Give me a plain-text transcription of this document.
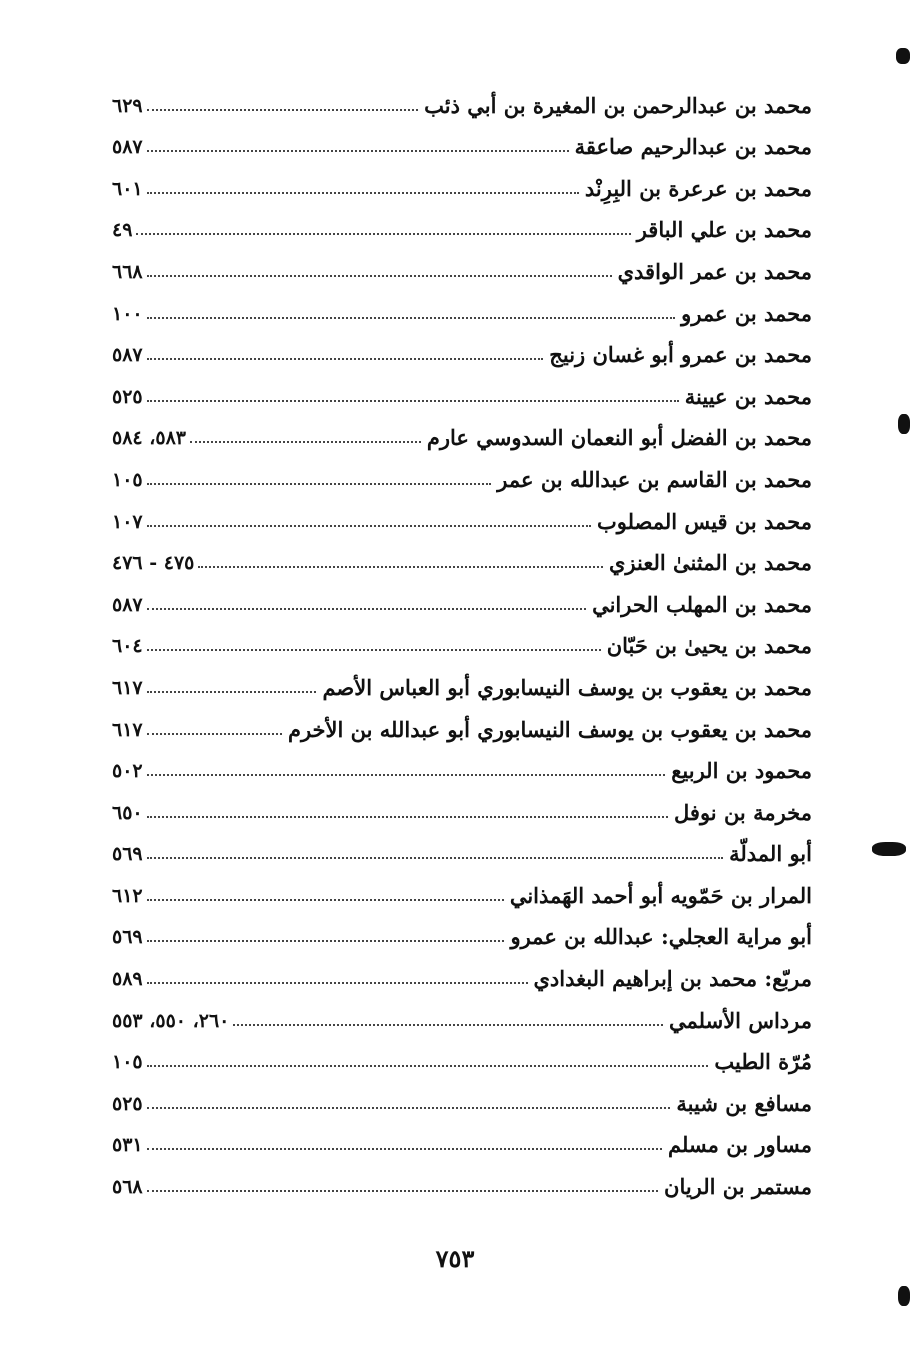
محمد بن عبدالرحمن بن المغيرة بن أبي ذئب
٦٢٩
محمد بن عبدالرحيم صاعقة
٥٨٧
محمد بن عرعرة بن البِرِنْد
٦٠١
محمد بن علي الباقر
٤٩
محمد بن عمر الواقدي
٦٦٨
محمد بن عمرو
١٠٠
محمد بن عمرو أبو غسان زنيج
٥٨٧
محمد بن عيينة
٥٢٥
محمد بن الفضل أبو النعمان السدوسي عارم
٥٨٣، ٥٨٤
محمد بن القاسم بن عبدالله بن عمر
١٠٥
محمد بن قيس المصلوب
١٠٧
محمد بن المثنىٰ العنزي
٤٧٥ - ٤٧٦
محمد بن المهلب الحراني
٥٨٧
محمد بن يحيىٰ بن حَبّان
٦٠٤
محمد بن يعقوب بن يوسف النيسابوري أبو العباس الأصم
٦١٧
محمد بن يعقوب بن يوسف النيسابوري أبو عبدالله بن الأخرم
٦١٧
محمود بن الربيع
٥٠٢
مخرمة بن نوفل
٦٥٠
أبو المدلّة
٥٦٩
المرار بن حَمّويه أبو أحمد الهَمذاني
٦١٢
أبو مراية العجلي: عبدالله بن عمرو
٥٦٩
مربّع: محمد بن إبراهيم البغدادي
٥٨٩
مرداس الأسلمي
٢٦٠، ٥٥٠، ٥٥٣
مُرّة الطيب
١٠٥
مسافع بن شيبة
٥٢٥
مساور بن مسلم
٥٣١
مستمر بن الريان
٥٦٨
٧٥٣
